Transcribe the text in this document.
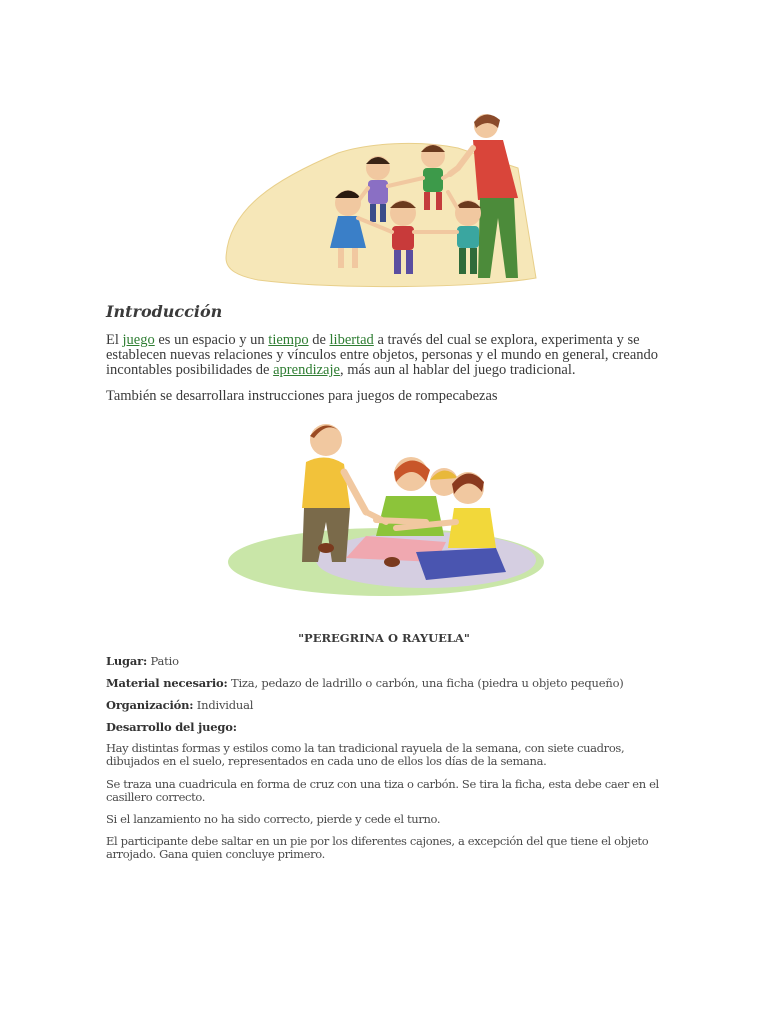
Introducción

El juego es un espacio y un tiempo de libertad a través del cual se explora, experimenta y se establecen nuevas relaciones y vínculos entre objetos, personas y el mundo en general, creando incontables posibilidades de aprendizaje, más aun al hablar del juego tradicional.

También se desarrollara instrucciones para juegos de rompecabezas

"PEREGRINA O RAYUELA"
Lugar: Patio
Material necesario: Tiza, pedazo de ladrillo o carbón, una ficha (piedra u objeto pequeño)
Organización: Individual
Desarrollo del juego:

Hay distintas formas y estilos como la tan tradicional rayuela de la semana, con siete cuadros, dibujados en el suelo, representados en cada uno de ellos los días de la semana.

Se traza una cuadricula en forma de cruz con una tiza o carbón. Se tira la ficha, esta debe caer en el casillero correcto.

Si el lanzamiento no ha sido correcto, pierde y cede el turno.

El participante debe saltar en un pie por los diferentes cajones, a excepción del que tiene el objeto arrojado. Gana quien concluye primero.
